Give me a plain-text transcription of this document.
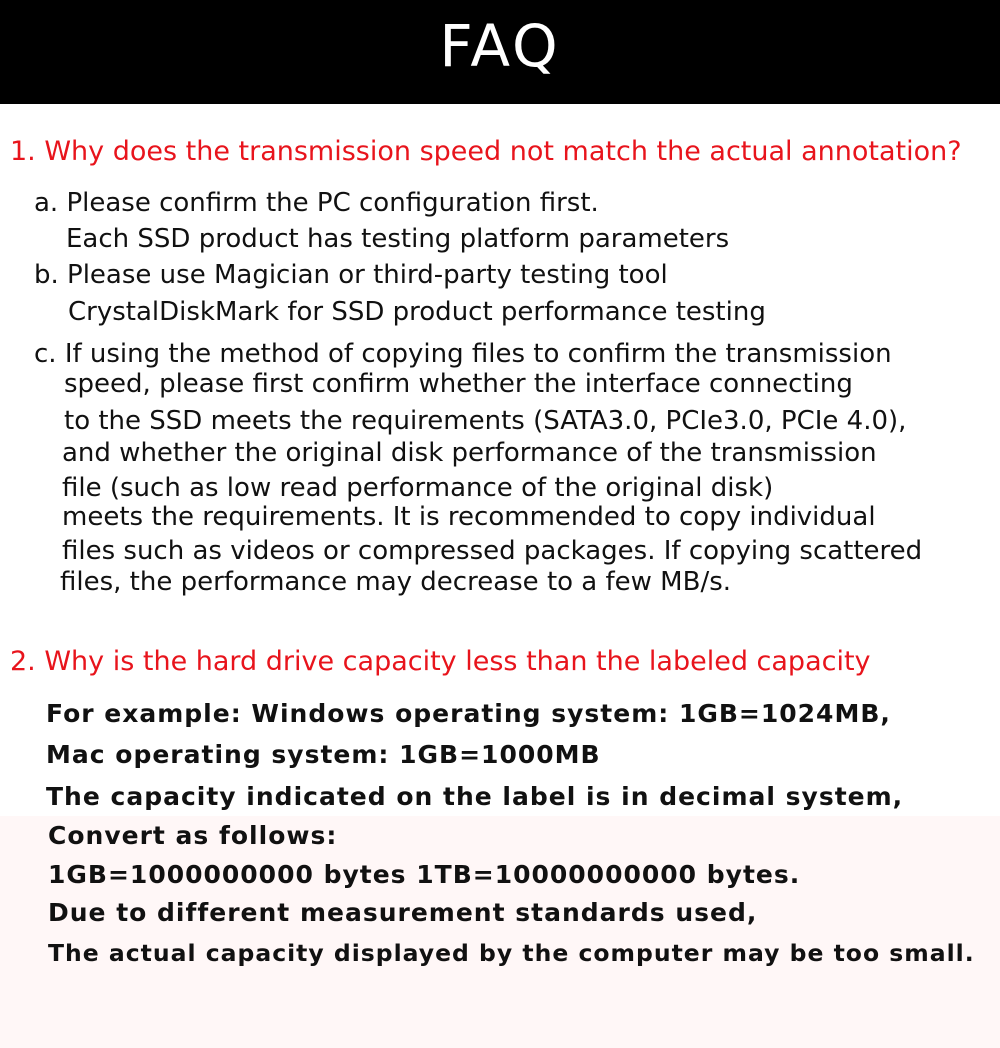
FAQ
1. Why does the transmission speed not match the actual annotation?
a. Please confirm the PC configuration first.
Each SSD product has testing platform parameters
b. Please use Magician or third-party testing tool
CrystalDiskMark for SSD product performance testing
c. If using the method of copying files to confirm the transmission
speed, please first confirm whether the interface connecting
to the SSD meets the requirements (SATA3.0, PCIe3.0, PCIe 4.0),
and whether the original disk performance of the transmission
file (such as low read performance of the original disk)
meets the requirements. It is recommended to copy individual
files such as videos or compressed packages. If copying scattered
files, the performance may decrease to a few MB/s.
2. Why is the hard drive capacity less than the labeled capacity
For example: Windows operating system: 1GB=1024MB,
Mac operating system: 1GB=1000MB
The capacity indicated on the label is in decimal system,
Convert as follows:
1GB=1000000000 bytes 1TB=10000000000 bytes.
Due to different measurement standards used,
The actual capacity displayed by the computer may be too small.
